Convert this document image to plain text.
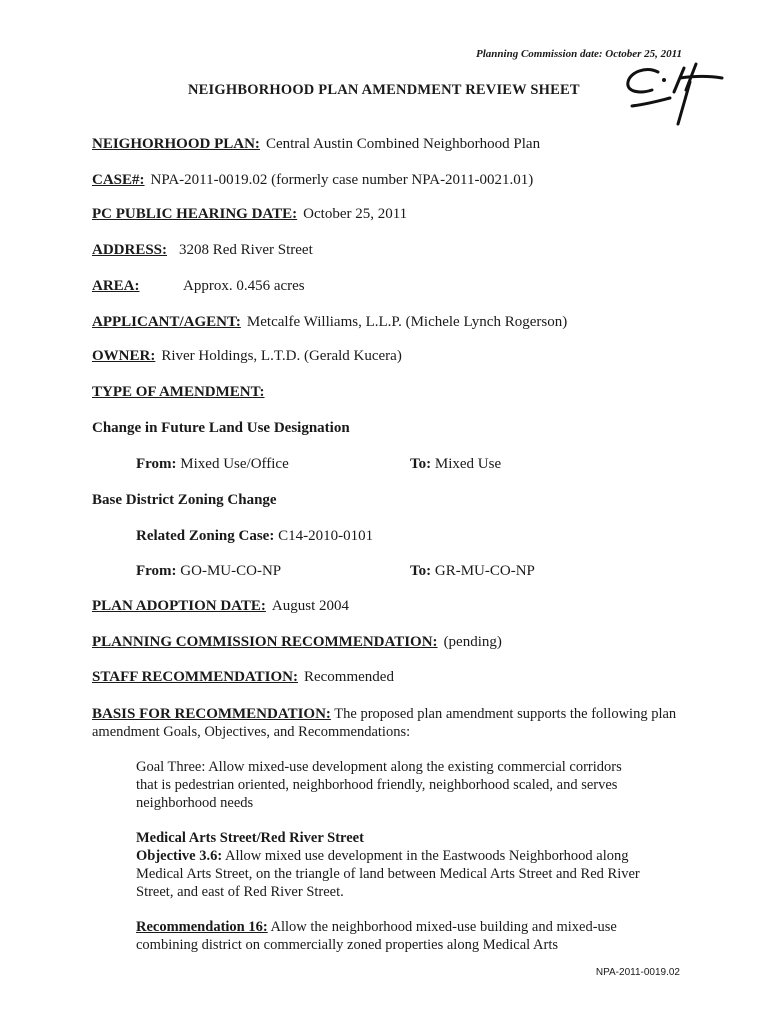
Planning Commission date: October 25, 2011
NEIGHBORHOOD PLAN AMENDMENT REVIEW SHEET
NEIGHORHOOD PLAN: Central Austin Combined Neighborhood Plan
CASE#: NPA-2011-0019.02 (formerly case number NPA-2011-0021.01)
PC PUBLIC HEARING DATE: October 25, 2011
ADDRESS: 3208 Red River Street
AREA:	Approx. 0.456 acres
APPLICANT/AGENT: Metcalfe Williams, L.L.P. (Michele Lynch Rogerson)
OWNER: River Holdings, L.T.D. (Gerald Kucera)
TYPE OF AMENDMENT:
Change in Future Land Use Designation
From: Mixed Use/Office	To: Mixed Use
Base District Zoning Change
Related Zoning Case: C14-2010-0101
From: GO-MU-CO-NP	To: GR-MU-CO-NP
PLAN ADOPTION DATE: August 2004
PLANNING COMMISSION RECOMMENDATION: (pending)
STAFF RECOMMENDATION: Recommended
BASIS FOR RECOMMENDATION: The proposed plan amendment supports the following plan amendment Goals, Objectives, and Recommendations:
Goal Three: Allow mixed-use development along the existing commercial corridors that is pedestrian oriented, neighborhood friendly, neighborhood scaled, and serves neighborhood needs
Medical Arts Street/Red River Street
Objective 3.6: Allow mixed use development in the Eastwoods Neighborhood along Medical Arts Street, on the triangle of land between Medical Arts Street and Red River Street, and east of Red River Street.
Recommendation 16: Allow the neighborhood mixed-use building and mixed-use combining district on commercially zoned properties along Medical Arts
NPA-2011-0019.02
